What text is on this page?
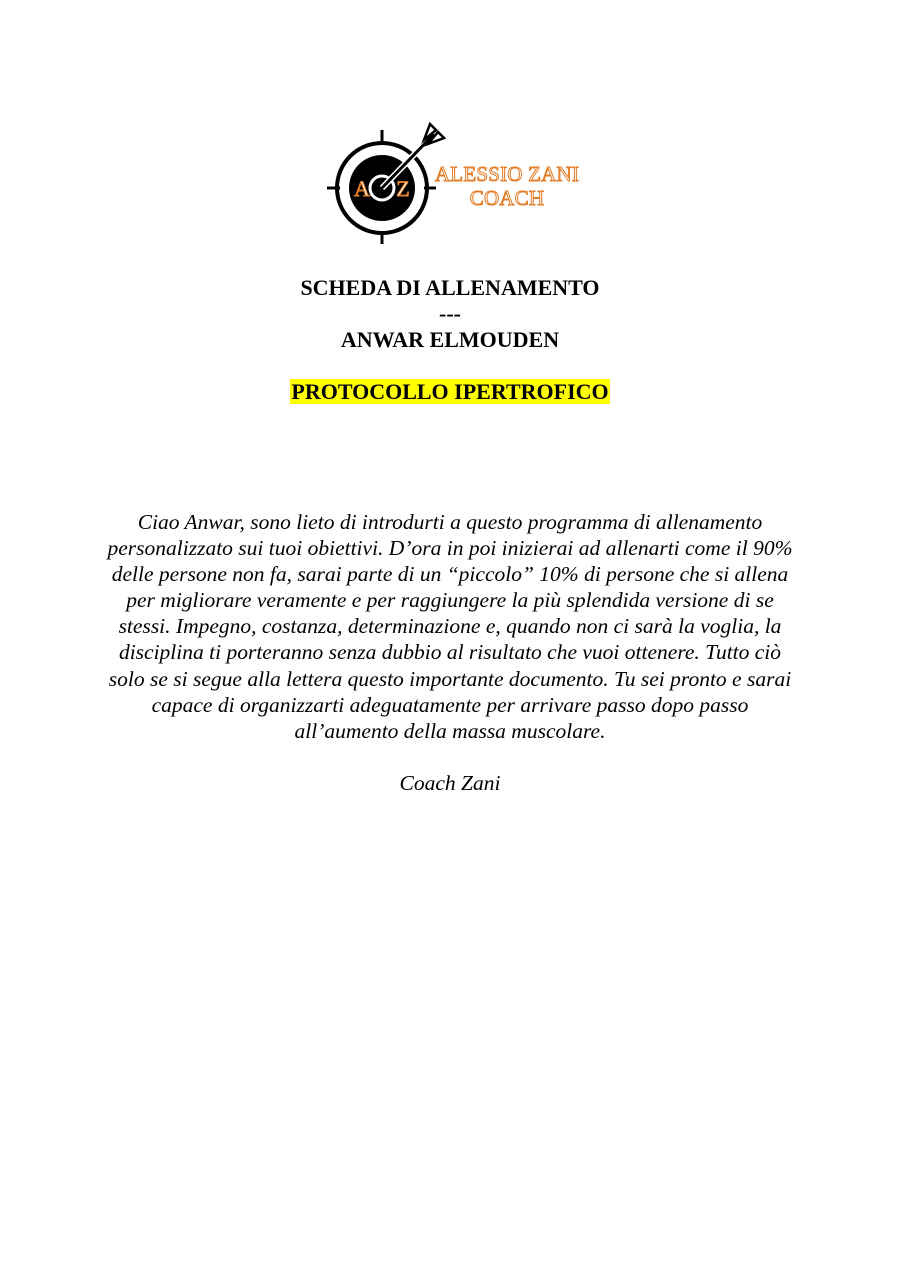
A Z
ALESSIO ZANI
COACH
SCHEDA DI ALLENAMENTO
---
ANWAR ELMOUDEN
PROTOCOLLO IPERTROFICO
Ciao Anwar, sono lieto di introdurti a questo programma di allenamento
personalizzato sui tuoi obiettivi. D’ora in poi inizierai ad allenarti come il 90%
delle persone non fa, sarai parte di un “piccolo” 10% di persone che si allena
per migliorare veramente e per raggiungere la più splendida versione di se
stessi. Impegno, costanza, determinazione e, quando non ci sarà la voglia, la
disciplina ti porteranno senza dubbio al risultato che vuoi ottenere. Tutto ciò
solo se si segue alla lettera questo importante documento. Tu sei pronto e sarai
capace di organizzarti adeguatamente per arrivare passo dopo passo
all’aumento della massa muscolare.
Coach Zani
